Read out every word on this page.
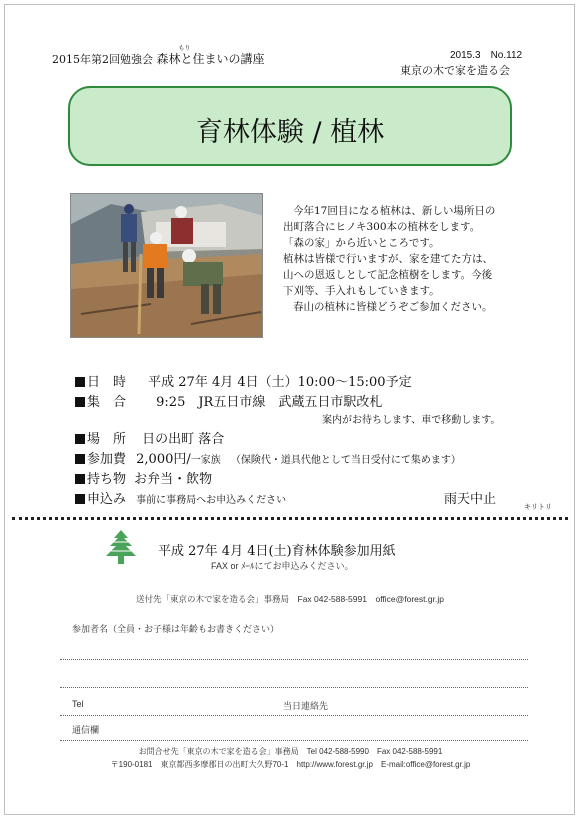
2015年第2回勉強会
もり
森林と住まいの講座	2015.3　No.112
東京の木で家を造る会
育林体験 / 植林
今年17回目になる植林は、新しい場所日の
出町落合にヒノキ300本の植林をします。
「森の家」から近いところです。
植林は皆様で行いますが、家を建てた方は、
山への恩返しとして記念植樹をします。今後
下刈等、手入れもしていきます。
春山の植林に皆様どうぞご参加ください。
日　時 平成 27年 4月 4日（土）10:00～15:00予定
集　合 9:25　JR五日市線　武蔵五日市駅改札
案内がお待ちします、車で移動します。
場　所 日の出町 落合
参加費 2,000円/一家族 （保険代・道具代他として当日受付にて集めます）
持ち物 お弁当・飲物
申込み 事前に事務局へお申込みください	雨天中止
キリトリ
平成 27年 4月 4日(土)育林体験参加用紙
FAX or ﾒｰﾙにてお申込みください。
送付先「東京の木で家を造る会」事務局　Fax 042-588-5991　office@forest.gr.jp
参加者名（全員・お子様は年齢もお書きください）
Tel	当日連絡先
通信欄
お問合せ先「東京の木で家を造る会」事務局　Tel 042-588-5990　Fax 042-588-5991
〒190-0181　東京都西多摩郡日の出町大久野70-1　http://www.forest.gr.jp　E-mail:office@forest.gr.jp
